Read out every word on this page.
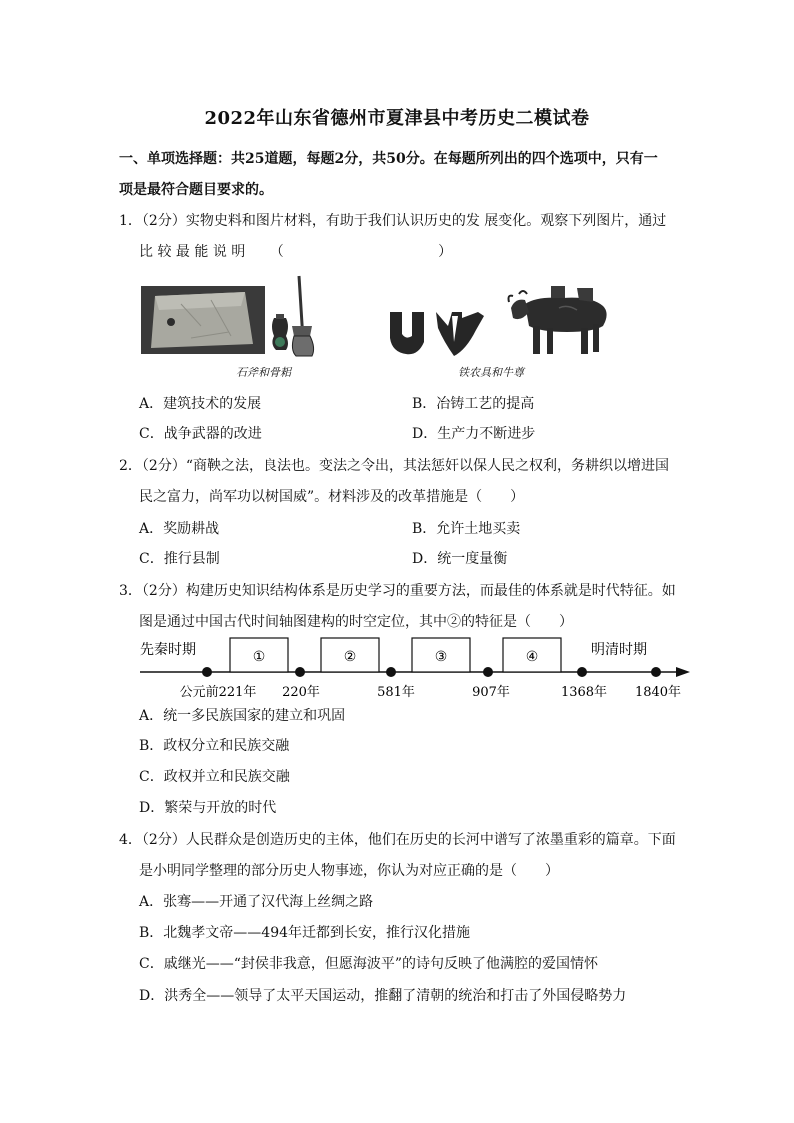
2022年山东省德州市夏津县中考历史二模试卷
一、单项选择题：共25道题，每题2分，共50分。在每题所列出的四个选项中，只有一
项是最符合题目要求的。
1．（2分）实物史料和图片材料，有助于我们认识历史的发 展变化。观察下列图片，通过
比 较 最 能 说 明 （	）
石斧和骨耜	铁农具和牛尊
A．建筑技术的发展	B．冶铸工艺的提高
C．战争武器的改进	D．生产力不断进步
2．（2分）“商鞅之法，良法也。变法之令出，其法惩奸以保人民之权利，务耕织以增进国
民之富力，尚军功以树国威”。材料涉及的改革措施是（　　）
A．奖励耕战	B．允许土地买卖
C．推行县制	D．统一度量衡
3．（2分）构建历史知识结构体系是历史学习的重要方法，而最佳的体系就是时代特征。如
图是通过中国古代时间轴图建构的时空定位，其中②的特征是（　　）
先秦时期	明清时期
①	②	③	④
公元前221年 220年	581年	907年	1368年 1840年
A．统一多民族国家的建立和巩固
B．政权分立和民族交融
C．政权并立和民族交融
D．繁荣与开放的时代
4．（2分）人民群众是创造历史的主体，他们在历史的长河中谱写了浓墨重彩的篇章。下面
是小明同学整理的部分历史人物事迹，你认为对应正确的是（　　）
A．张骞——开通了汉代海上丝绸之路
B．北魏孝文帝——494年迁都到长安，推行汉化措施
C．戚继光——“封侯非我意，但愿海波平”的诗句反映了他满腔的爱国情怀
D．洪秀全——领导了太平天国运动，推翻了清朝的统治和打击了外国侵略势力
